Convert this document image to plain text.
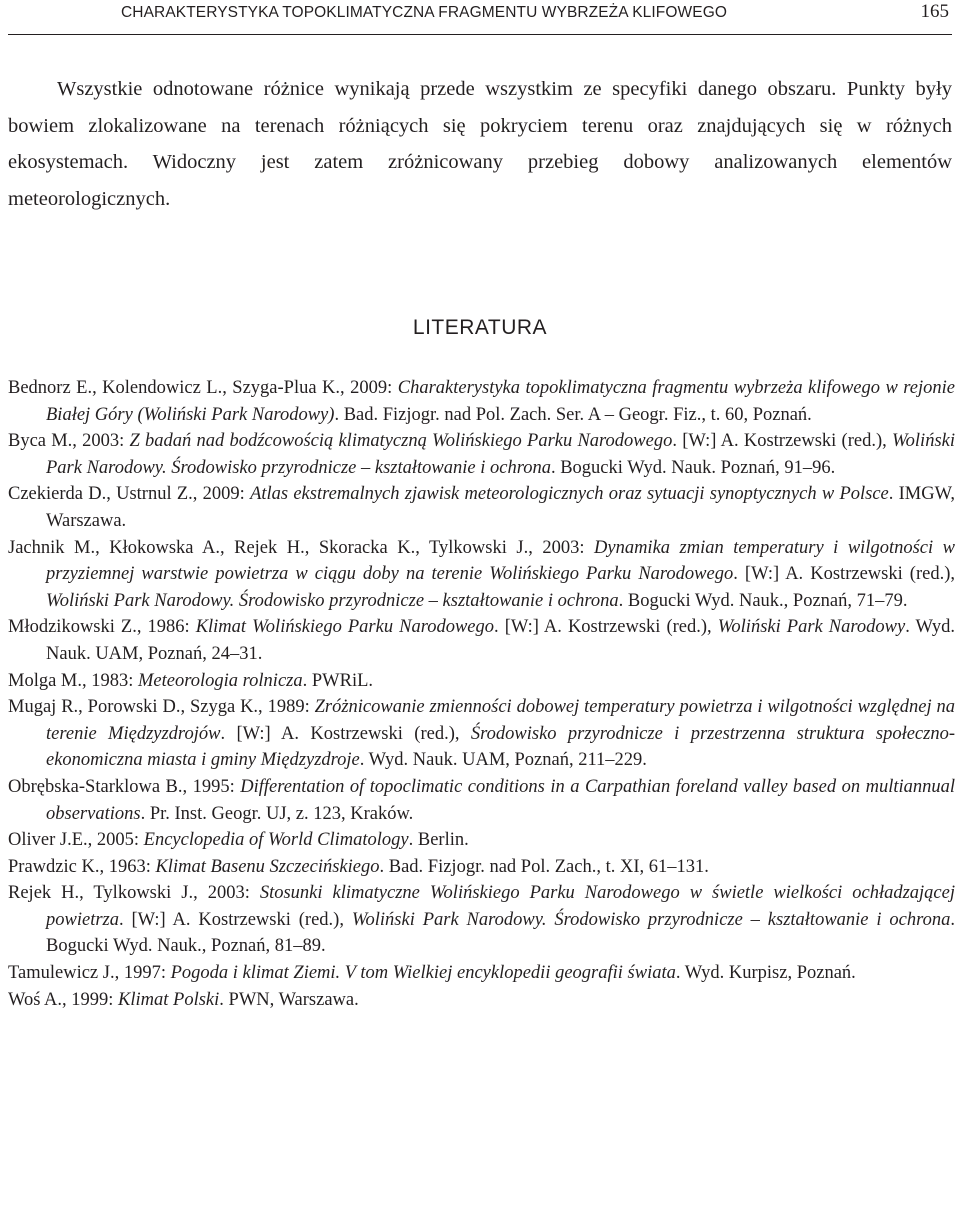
CHARAKTERYSTYKA TOPOKLIMATYCZNA FRAGMENTU WYBRZEŻA KLIFOWEGO	165

Wszystkie odnotowane różnice wynikają przede wszystkim ze specyfiki danego obszaru. Punkty były bowiem zlokalizowane na terenach różniących się pokryciem terenu oraz znajdujących się w różnych ekosystemach. Widoczny jest zatem zróżnicowany przebieg dobowy analizowanych elementów meteorologicznych.

LITERATURA
Bednorz E., Kolendowicz L., Szyga-Plua K., 2009: Charakterystyka topoklimatyczna fragmentu wybrzeża klifowego w rejonie Białej Góry (Woliński Park Narodowy). Bad. Fizjogr. nad Pol. Zach. Ser. A – Geogr. Fiz., t. 60, Poznań.
Byca M., 2003: Z badań nad bodźcowością klimatyczną Wolińskiego Parku Narodowego. [W:] A. Kostrzewski (red.), Woliński Park Narodowy. Środowisko przyrodnicze – kształtowanie i ochrona. Bogucki Wyd. Nauk. Poznań, 91–96.
Czekierda D., Ustrnul Z., 2009: Atlas ekstremalnych zjawisk meteorologicznych oraz sytuacji synoptycznych w Polsce. IMGW, Warszawa.
Jachnik M., Kłokowska A., Rejek H., Skoracka K., Tylkowski J., 2003: Dynamika zmian temperatury i wilgotności w przyziemnej warstwie powietrza w ciągu doby na terenie Wolińskiego Parku Narodowego. [W:] A. Kostrzewski (red.), Woliński Park Narodowy. Środowisko przyrodnicze – kształtowanie i ochrona. Bogucki Wyd. Nauk., Poznań, 71–79.
Młodzikowski Z., 1986: Klimat Wolińskiego Parku Narodowego. [W:] A. Kostrzewski (red.), Woliński Park Narodowy. Wyd. Nauk. UAM, Poznań, 24–31.
Molga M., 1983: Meteorologia rolnicza. PWRiL.
Mugaj R., Porowski D., Szyga K., 1989: Zróżnicowanie zmienności dobowej temperatury powietrza i wilgotności względnej na terenie Międzyzdrojów. [W:] A. Kostrzewski (red.), Środowisko przyrodnicze i przestrzenna struktura społeczno-ekonomiczna miasta i gminy Międzyzdroje. Wyd. Nauk. UAM, Poznań, 211–229.
Obrębska-Starklowa B., 1995: Differentation of topoclimatic conditions in a Carpathian foreland valley based on multiannual observations. Pr. Inst. Geogr. UJ, z. 123, Kraków.
Oliver J.E., 2005: Encyclopedia of World Climatology. Berlin.
Prawdzic K., 1963: Klimat Basenu Szczecińskiego. Bad. Fizjogr. nad Pol. Zach., t. XI, 61–131.
Rejek H., Tylkowski J., 2003: Stosunki klimatyczne Wolińskiego Parku Narodowego w świetle wielkości ochładzającej powietrza. [W:] A. Kostrzewski (red.), Woliński Park Narodowy. Środowisko przyrodnicze – kształtowanie i ochrona. Bogucki Wyd. Nauk., Poznań, 81–89.
Tamulewicz J., 1997: Pogoda i klimat Ziemi. V tom Wielkiej encyklopedii geografii świata. Wyd. Kurpisz, Poznań.
Woś A., 1999: Klimat Polski. PWN, Warszawa.
